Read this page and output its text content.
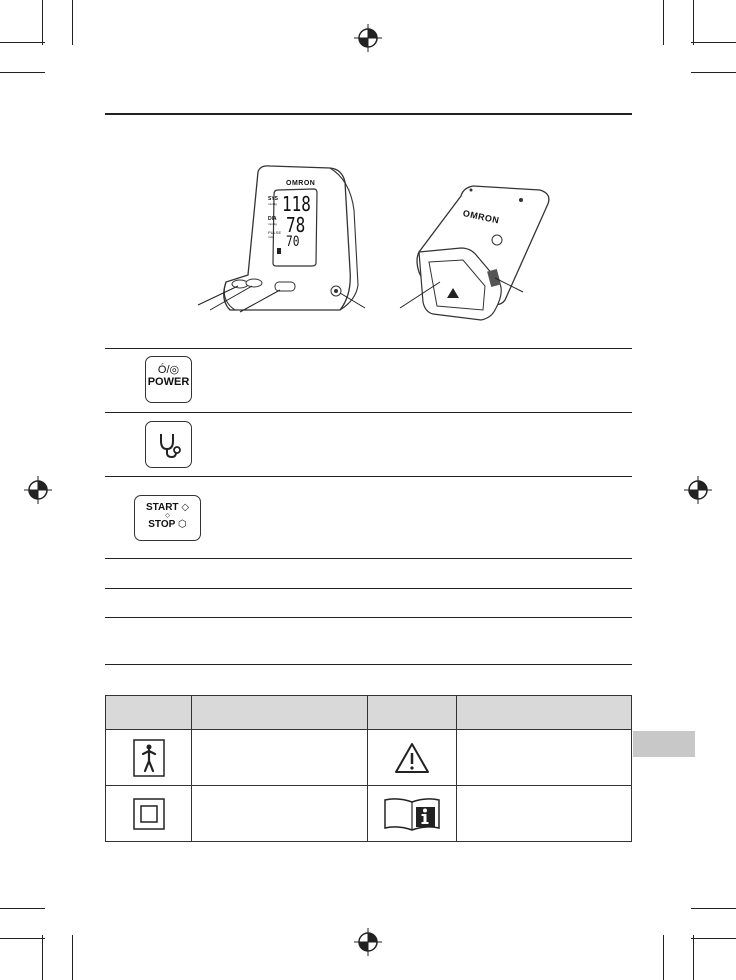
OMRON
SYS
mmHg 118
DIA
mmHg 78
PULSE
/min 70
OMRON
Ó/◎
POWER
START ◇
◇
STOP ⬡
